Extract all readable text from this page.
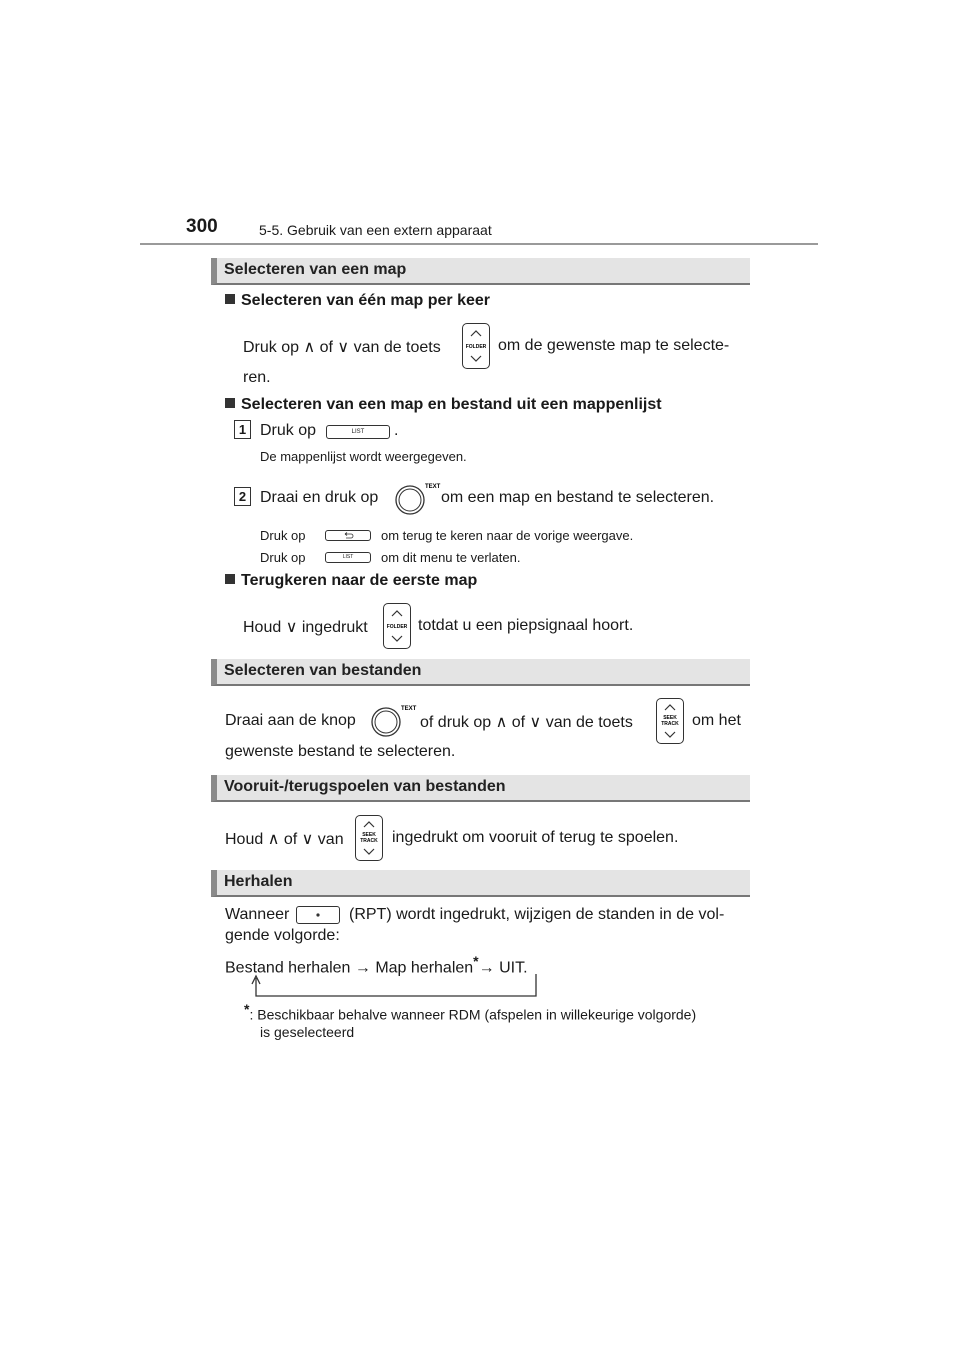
300	5-5. Gebruik van een extern apparaat
Selecteren van een map
Selecteren van één map per keer
Druk op ∧ of ∨ van de toets	FOLDER om de gewenste map te selecte-
ren.
Selecteren van een map en bestand uit een mappenlijst
1 Druk op	LIST	.
De mappenlijst wordt weergegeven.
2 Draai en druk op
TEXT
om een map en bestand te selecteren.
Druk op	om terug te keren naar de vorige weergave.
Druk op	LIST	om dit menu te verlaten.
Terugkeren naar de eerste map
Houd ∨ ingedrukt	FOLDER totdat u een piepsignaal hoort.
Selecteren van bestanden
Draai aan de knop
TEXT
of druk op ∧ of ∨ van de toets	SEEK
TRACK om het
gewenste bestand te selecteren.
Vooruit-/terugspoelen van bestanden
Houd ∧ of ∨ van	SEEK
TRACK ingedrukt om vooruit of terug te spoelen.
Herhalen
Wanneer	(RPT) wordt ingedrukt, wijzigen de standen in de vol-
gende volgorde:
Bestand herhalen → Map herhalen*→ UIT.
*: Beschikbaar behalve wanneer RDM (afspelen in willekeurige volgorde)
is geselecteerd
